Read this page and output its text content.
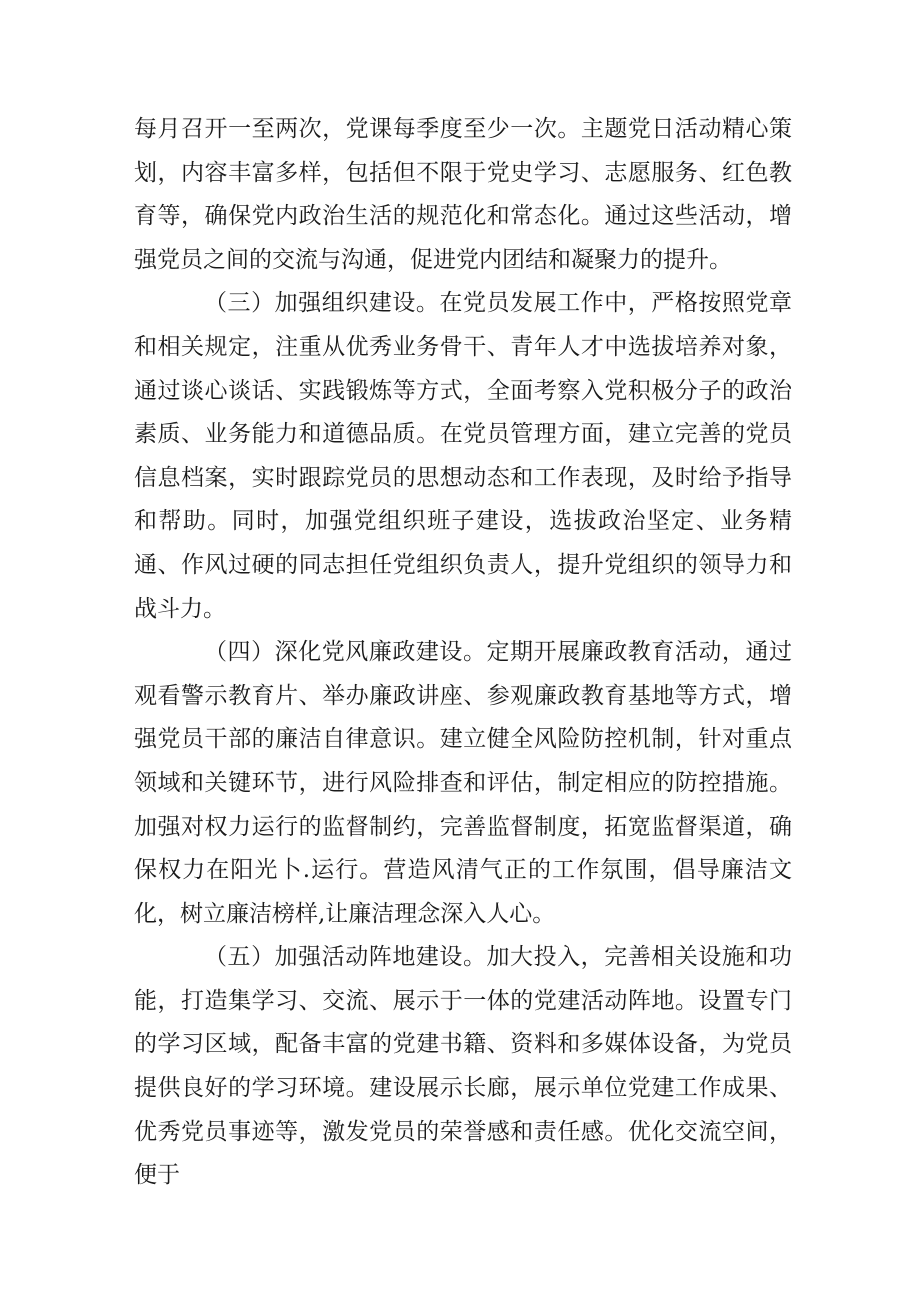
每月召开一至两次，党课每季度至少一次。主题党日活动精心策划，内容丰富多样，包括但不限于党史学习、志愿服务、红色教育等，确保党内政治生活的规范化和常态化。通过这些活动，增强党员之间的交流与沟通，促进党内团结和凝聚力的提升。

（三）加强组织建设。在党员发展工作中，严格按照党章和相关规定，注重从优秀业务骨干、青年人才中选拔培养对象，通过谈心谈话、实践锻炼等方式，全面考察入党积极分子的政治素质、业务能力和道德品质。在党员管理方面，建立完善的党员信息档案，实时跟踪党员的思想动态和工作表现，及时给予指导和帮助。同时，加强党组织班子建设，选拔政治坚定、业务精通、作风过硬的同志担任党组织负责人，提升党组织的领导力和战斗力。

（四）深化党风廉政建设。定期开展廉政教育活动，通过观看警示教育片、举办廉政讲座、参观廉政教育基地等方式，增强党员干部的廉洁自律意识。建立健全风险防控机制，针对重点领域和关键环节，进行风险排查和评估，制定相应的防控措施。加强对权力运行的监督制约，完善监督制度，拓宽监督渠道，确保权力在阳光卜.运行。营造风清气正的工作氛围，倡导廉洁文化，树立廉洁榜样,让廉洁理念深入人心。

（五）加强活动阵地建设。加大投入，完善相关设施和功能，打造集学习、交流、展示于一体的党建活动阵地。设置专门的学习区域，配备丰富的党建书籍、资料和多媒体设备，为党员提供良好的学习环境。建设展示长廊，展示单位党建工作成果、优秀党员事迹等，激发党员的荣誉感和责任感。优化交流空间，便于
